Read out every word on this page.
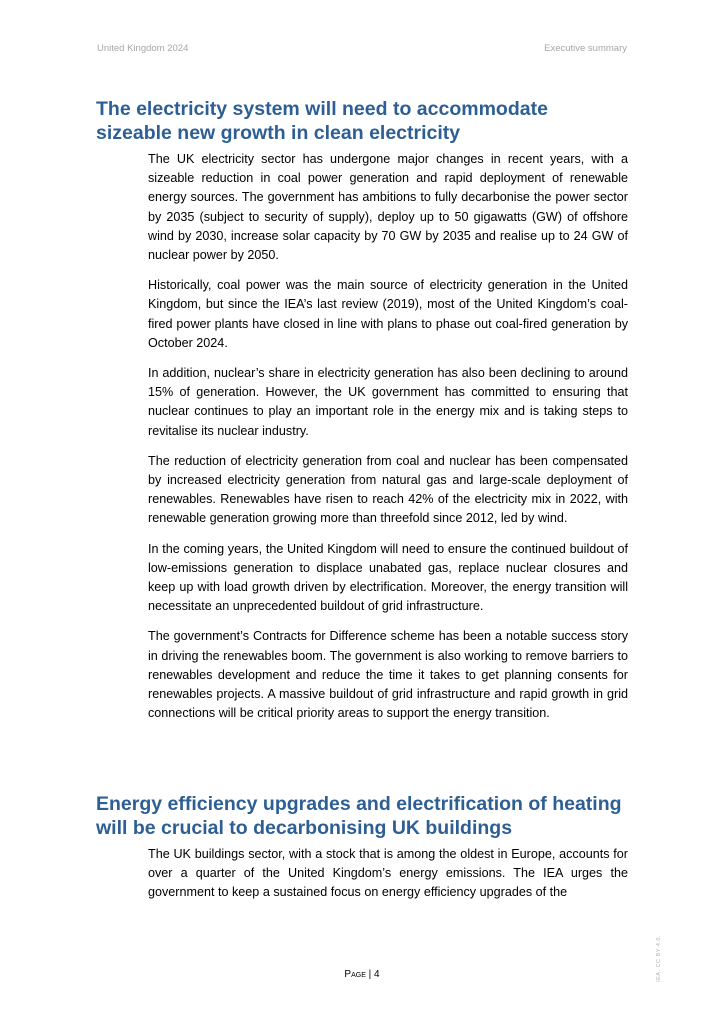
United Kingdom 2024	Executive summary
The electricity system will need to accommodate
sizeable new growth in clean electricity

The UK electricity sector has undergone major changes in recent years, with a sizeable reduction in coal power generation and rapid deployment of renewable energy sources. The government has ambitions to fully decarbonise the power sector by 2035 (subject to security of supply), deploy up to 50 gigawatts (GW) of offshore wind by 2030, increase solar capacity by 70 GW by 2035 and realise up to 24 GW of nuclear power by 2050.

Historically, coal power was the main source of electricity generation in the United Kingdom, but since the IEA’s last review (2019), most of the United Kingdom’s coal-fired power plants have closed in line with plans to phase out coal-fired generation by October 2024.

In addition, nuclear’s share in electricity generation has also been declining to around 15% of generation. However, the UK government has committed to ensuring that nuclear continues to play an important role in the energy mix and is taking steps to revitalise its nuclear industry.

The reduction of electricity generation from coal and nuclear has been compensated by increased electricity generation from natural gas and large-scale deployment of renewables. Renewables have risen to reach 42% of the electricity mix in 2022, with renewable generation growing more than threefold since 2012, led by wind.

In the coming years, the United Kingdom will need to ensure the continued buildout of low-emissions generation to displace unabated gas, replace nuclear closures and keep up with load growth driven by electrification. Moreover, the energy transition will necessitate an unprecedented buildout of grid infrastructure.

The government’s Contracts for Difference scheme has been a notable success story in driving the renewables boom. The government is also working to remove barriers to renewables development and reduce the time it takes to get planning consents for renewables projects. A massive buildout of grid infrastructure and rapid growth in grid connections will be critical priority areas to support the energy transition.

Energy efficiency upgrades and electrification of heating
will be crucial to decarbonising UK buildings

The UK buildings sector, with a stock that is among the oldest in Europe, accounts for over a quarter of the United Kingdom’s energy emissions. The IEA urges the government to keep a sustained focus on energy efficiency upgrades of the

Page | 4	IEA. CC BY 4.0.
